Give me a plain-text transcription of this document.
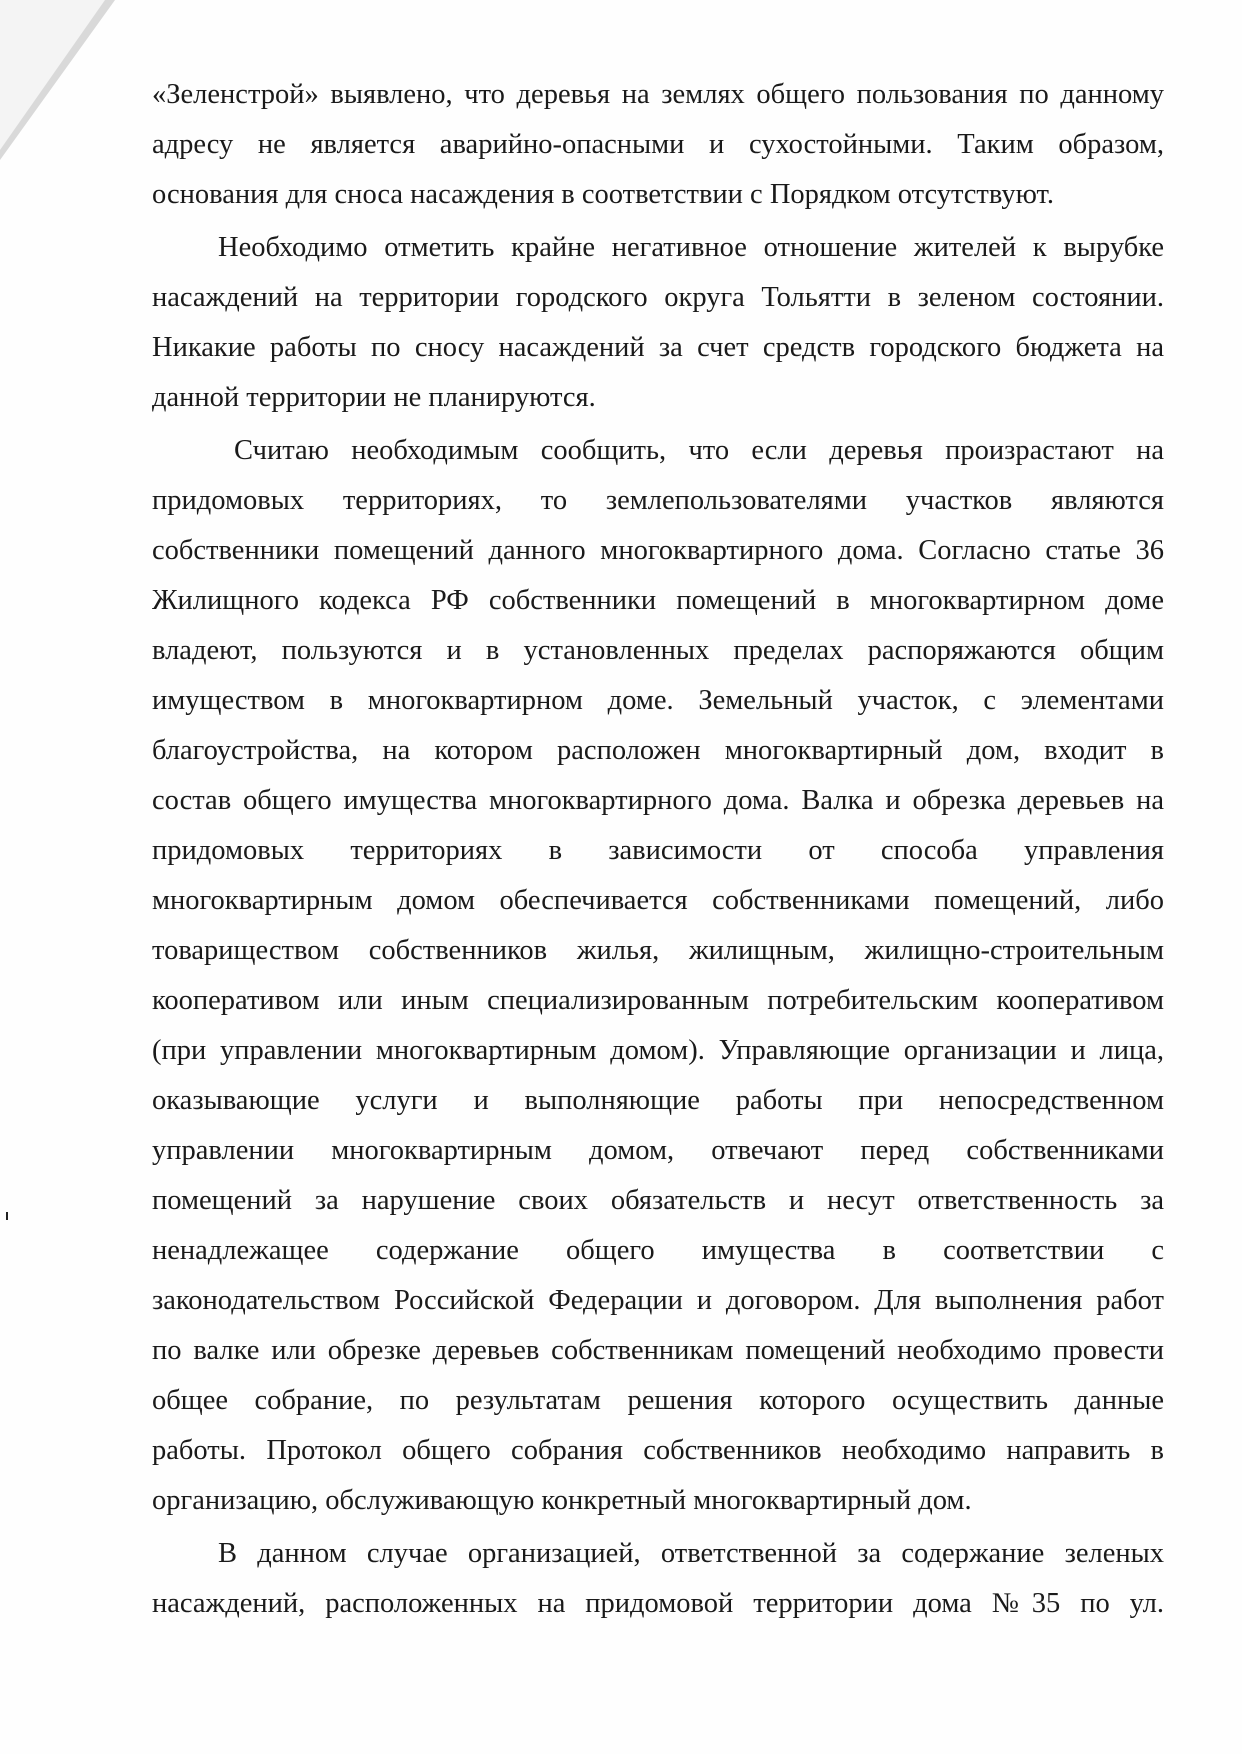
«Зеленстрой» выявлено, что деревья на землях общего пользования по данному
адресу не является аварийно-опасными и сухостойными. Таким образом,
основания для сноса насаждения в соответствии с Порядком отсутствуют.
Необходимо отметить крайне негативное отношение жителей к вырубке
насаждений на территории городского округа Тольятти в зеленом состоянии.
Никакие работы по сносу насаждений за счет средств городского бюджета на
данной территории не планируются.
Считаю необходимым сообщить, что если деревья произрастают на
придомовых территориях, то землепользователями участков являются
собственники помещений данного многоквартирного дома. Согласно статье 36
Жилищного кодекса РФ собственники помещений в многоквартирном доме
владеют, пользуются и в установленных пределах распоряжаются общим
имуществом в многоквартирном доме. Земельный участок, с элементами
благоустройства, на котором расположен многоквартирный дом, входит в
состав общего имущества многоквартирного дома. Валка и обрезка деревьев на
придомовых территориях в зависимости от способа управления
многоквартирным домом обеспечивается собственниками помещений, либо
товариществом собственников жилья, жилищным, жилищно-строительным
кооперативом или иным специализированным потребительским кооперативом
(при управлении многоквартирным домом). Управляющие организации и лица,
оказывающие услуги и выполняющие работы при непосредственном
управлении многоквартирным домом, отвечают перед собственниками
помещений за нарушение своих обязательств и несут ответственность за
ненадлежащее содержание общего имущества в соответствии с
законодательством Российской Федерации и договором. Для выполнения работ
по валке или обрезке деревьев собственникам помещений необходимо провести
общее собрание, по результатам решения которого осуществить данные
работы. Протокол общего собрания собственников необходимо направить в
организацию, обслуживающую конкретный многоквартирный дом.
В данном случае организацией, ответственной за содержание зеленых
насаждений, расположенных на придомовой территории дома №35 по ул.
